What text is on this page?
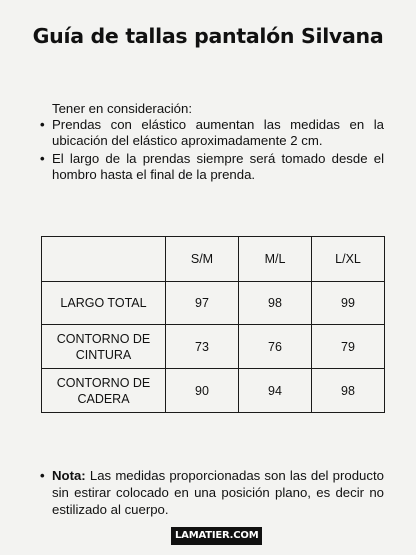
Guía de tallas pantalón Silvana
Tener en consideración:
• Prendas con elástico aumentan las medidas en la ubicación del elástico aproximadamente 2 cm.
• El largo de la prendas siempre será tomado desde el hombro hasta el final de la prenda.
	S/M	M/L	L/XL
LARGO TOTAL	97	98	99
CONTORNO DE
CINTURA	73	76	79
CONTORNO DE
CADERA	90	94	98
• Nota: Las medidas proporcionadas son las del producto sin estirar colocado en una posición plano, es decir no estilizado al cuerpo.
LAMATIER.COM
